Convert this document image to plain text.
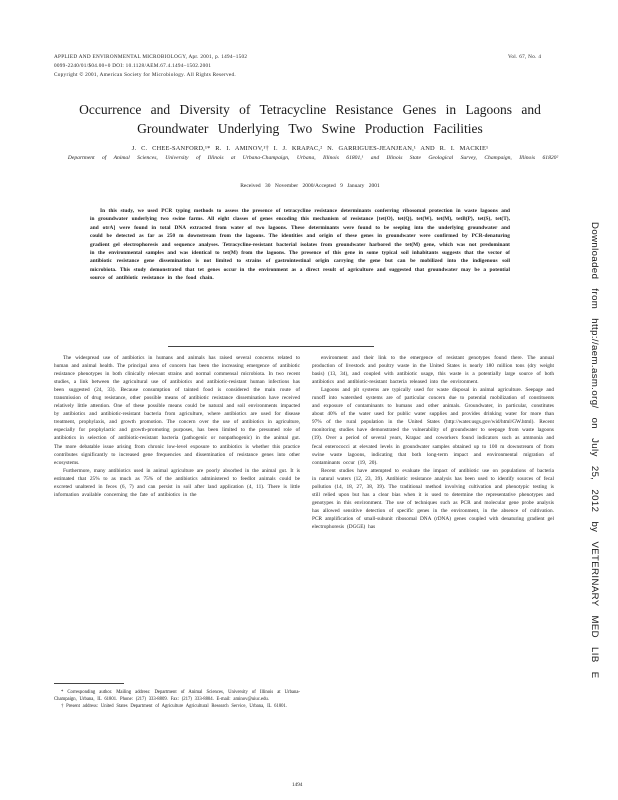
APPLIED AND ENVIRONMENTAL MICROBIOLOGY, Apr. 2001, p. 1494–1502	Vol. 67, No. 4
0099-2240/01/$04.00+0 DOI: 10.1128/AEM.67.4.1494–1502.2001
Copyright © 2001, American Society for Microbiology. All Rights Reserved.
Occurrence and Diversity of Tetracycline Resistance Genes in Lagoons and Groundwater Underlying Two Swine Production Facilities
J. C. CHEE-SANFORD,¹* R. I. AMINOV,¹† I. J. KRAPAC,² N. GARRIGUES-JEANJEAN,¹ AND R. I. MACKIE¹
Department of Animal Sciences, University of Illinois at Urbana-Champaign, Urbana, Illinois 61801,¹ and Illinois State Geological Survey, Champaign, Illinois 61820²
Received 30 November 2000/Accepted 9 January 2001

In this study, we used PCR typing methods to assess the presence of tetracycline resistance determinants conferring ribosomal protection in waste lagoons and in groundwater underlying two swine farms. All eight classes of genes encoding this mechanism of resistance [tet(O), tet(Q), tet(W), tet(M), tetB(P), tet(S), tet(T), and otrA] were found in total DNA extracted from water of two lagoons. These determinants were found to be seeping into the underlying groundwater and could be detected as far as 250 m downstream from the lagoons. The identities and origin of these genes in groundwater were confirmed by PCR-denaturing gradient gel electrophoresis and sequence analyses. Tetracycline-resistant bacterial isolates from groundwater harbored the tet(M) gene, which was not predominant in the environmental samples and was identical to tet(M) from the lagoons. The presence of this gene in some typical soil inhabitants suggests that the vector of antibiotic resistance gene dissemination is not limited to strains of gastrointestinal origin carrying the gene but can be mobilized into the indigenous soil microbiota. This study demonstrated that tet genes occur in the environment as a direct result of agriculture and suggested that groundwater may be a potential source of antibiotic resistance in the food chain.

The widespread use of antibiotics in humans and animals has raised several concerns related to human and animal health. The principal area of concern has been the increasing emergence of antibiotic resistance phenotypes in both clinically relevant strains and normal commensal microbiota. In two recent studies, a link between the agricultural use of antibiotics and antibiotic-resistant human infections has been suggested (24, 33). Because consumption of tainted food is considered the main route of transmission of drug resistance, other possible means of antibiotic resistance dissemination have received relatively little attention. One of these possible means could be natural and soil environments impacted by antibiotics and antibiotic-resistant bacteria from agriculture, where antibiotics are used for disease treatment, prophylaxis, and growth promotion. The concern over the use of antibiotics in agriculture, especially for prophylactic and growth-promoting purposes, has been limited to the presumed role of antibiotics in selection of antibiotic-resistant bacteria (pathogenic or nonpathogenic) in the animal gut. The more debatable issue arising from chronic low-level exposure to antibiotics is whether this practice contributes significantly to increased gene frequencies and dissemination of resistance genes into other ecosystems.

Furthermore, many antibiotics used in animal agriculture are poorly absorbed in the animal gut. It is estimated that 25% to as much as 75% of the antibiotics administered to feedlot animals could be excreted unaltered in feces (6, 7) and can persist in soil after land application (4, 11). There is little information available concerning the fate of antibiotics in the

environment and their link to the emergence of resistant genotypes found there. The annual production of livestock and poultry waste in the United States is nearly 180 million tons (dry weight basis) (13, 34), and coupled with antibiotic usage, this waste is a potentially large source of both antibiotics and antibiotic-resistant bacteria released into the environment.

Lagoons and pit systems are typically used for waste disposal in animal agriculture. Seepage and runoff into watershed systems are of particular concern due to potential mobilization of constituents and exposure of contaminants to humans and other animals. Groundwater, in particular, constitutes about 40% of the water used for public water supplies and provides drinking water for more than 97% of the rural population in the United States (http://water.usgs.gov/wid/html/GW.html). Recent monitoring studies have demonstrated the vulnerability of groundwater to seepage from waste lagoons (19). Over a period of several years, Krapac and coworkers found indicators such as ammonia and fecal enterococci at elevated levels in groundwater samples obtained up to 100 m downstream of from swine waste lagoons, indicating that both long-term impact and environmental migration of contaminants occur (19, 20).

Recent studies have attempted to evaluate the impact of antibiotic use on populations of bacteria in natural waters (12, 23, 39). Antibiotic resistance analysis has been used to identify sources of fecal pollution (14, 18, 27, 38, 39). The traditional method involving cultivation and phenotypic testing is still relied upon but has a clear bias when it is used to determine the representative phenotypes and genotypes in this environment. The use of techniques such as PCR and molecular gene probe analysis has allowed sensitive detection of specific genes in the environment, in the absence of cultivation. PCR amplification of small-subunit ribosomal DNA (rDNA) genes coupled with denaturing gradient gel electrophoresis (DGGE) has

* Corresponding author. Mailing address: Department of Animal Sciences, University of Illinois at Urbana-Champaign, Urbana, IL 61801. Phone: (217) 333-8809. Fax: (217) 333-8804. E-mail: aminov@uiuc.edu.

† Present address: United States Department of Agriculture Agricultural Research Service, Urbana, IL 61801.

1494
Downloaded from http://aem.asm.org/ on July 25, 2012 by VETERINARY MED LIB E
